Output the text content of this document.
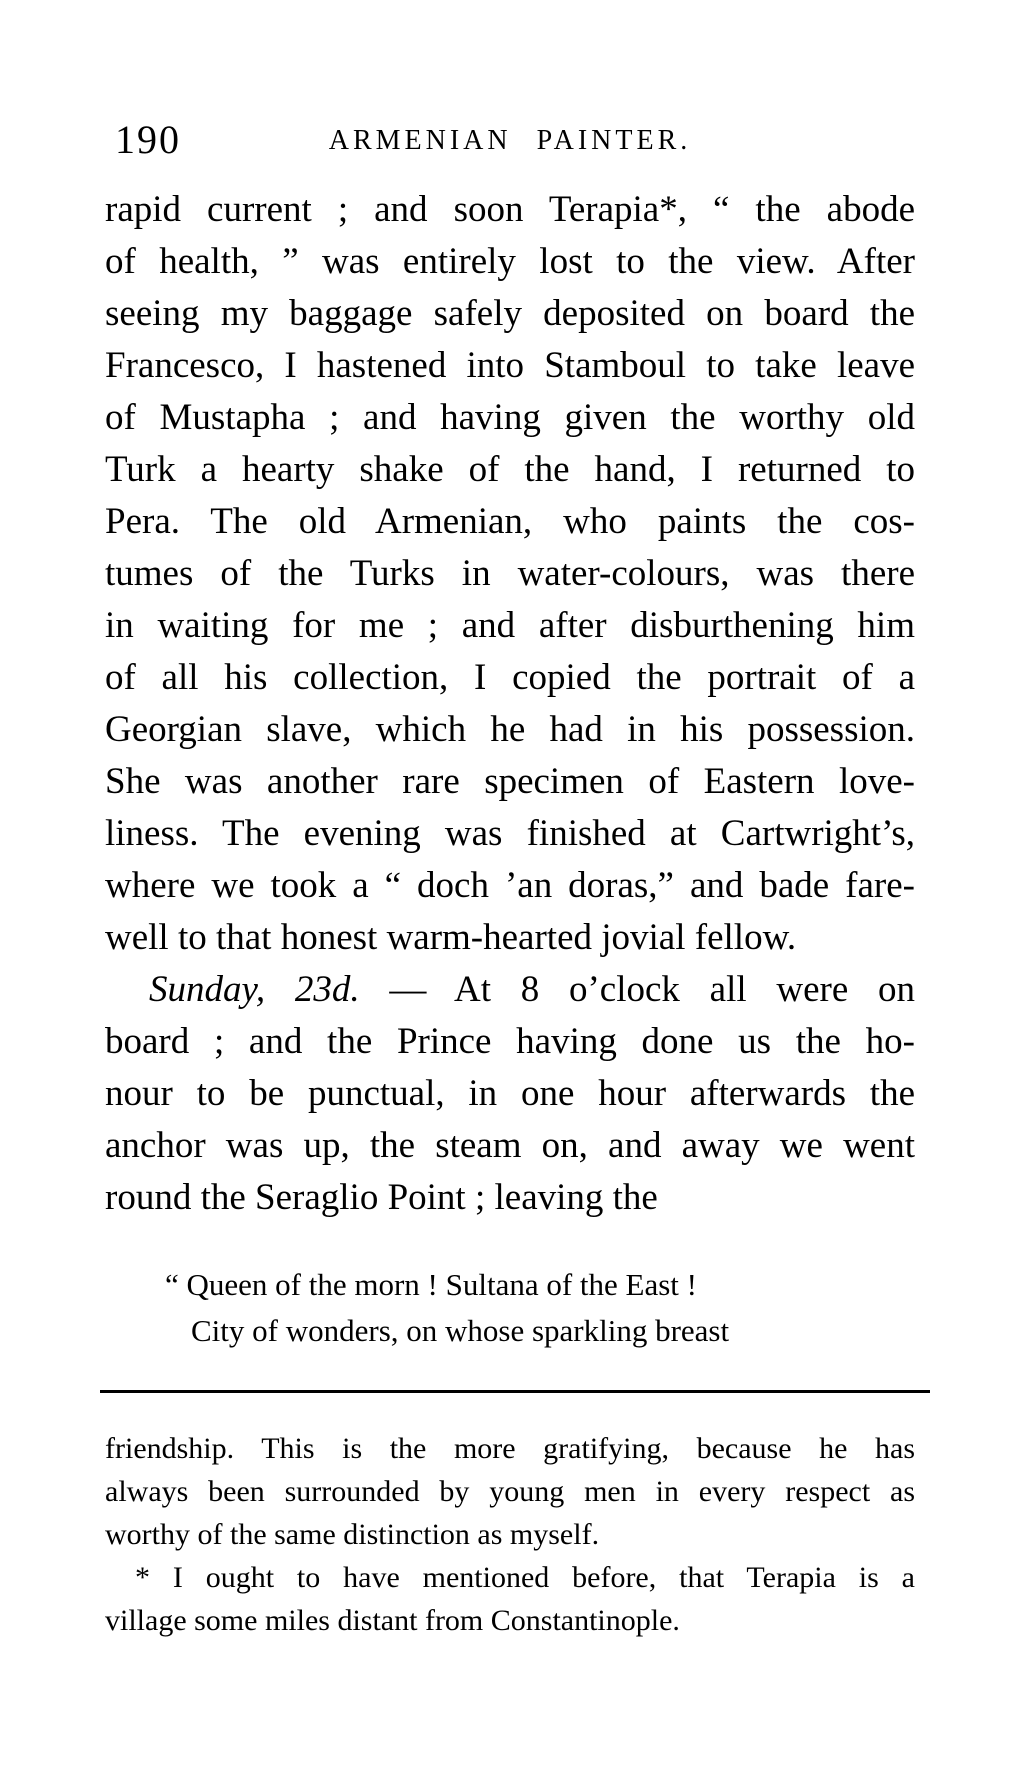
190	ARMENIAN PAINTER.
rapid current ; and soon Terapia*, “ the abode
of health, ” was entirely lost to the view. After
seeing my baggage safely deposited on board the
Francesco, I hastened into Stamboul to take leave
of Mustapha ; and having given the worthy old
Turk a hearty shake of the hand, I returned to
Pera. The old Armenian, who paints the cos-
tumes of the Turks in water-colours, was there
in waiting for me ; and after disburthening him
of all his collection, I copied the portrait of a
Georgian slave, which he had in his possession.
She was another rare specimen of Eastern love-
liness. The evening was finished at Cartwright’s,
where we took a “ doch ’an doras,” and bade fare-
well to that honest warm-hearted jovial fellow.
Sunday, 23d. — At 8 o’clock all were on
board ; and the Prince having done us the ho-
nour to be punctual, in one hour afterwards the
anchor was up, the steam on, and away we went
round the Seraglio Point ; leaving the
“ Queen of the morn ! Sultana of the East !
City of wonders, on whose sparkling breast
friendship. This is the more gratifying, because he has
always been surrounded by young men in every respect as
worthy of the same distinction as myself.
* I ought to have mentioned before, that Terapia is a
village some miles distant from Constantinople.
